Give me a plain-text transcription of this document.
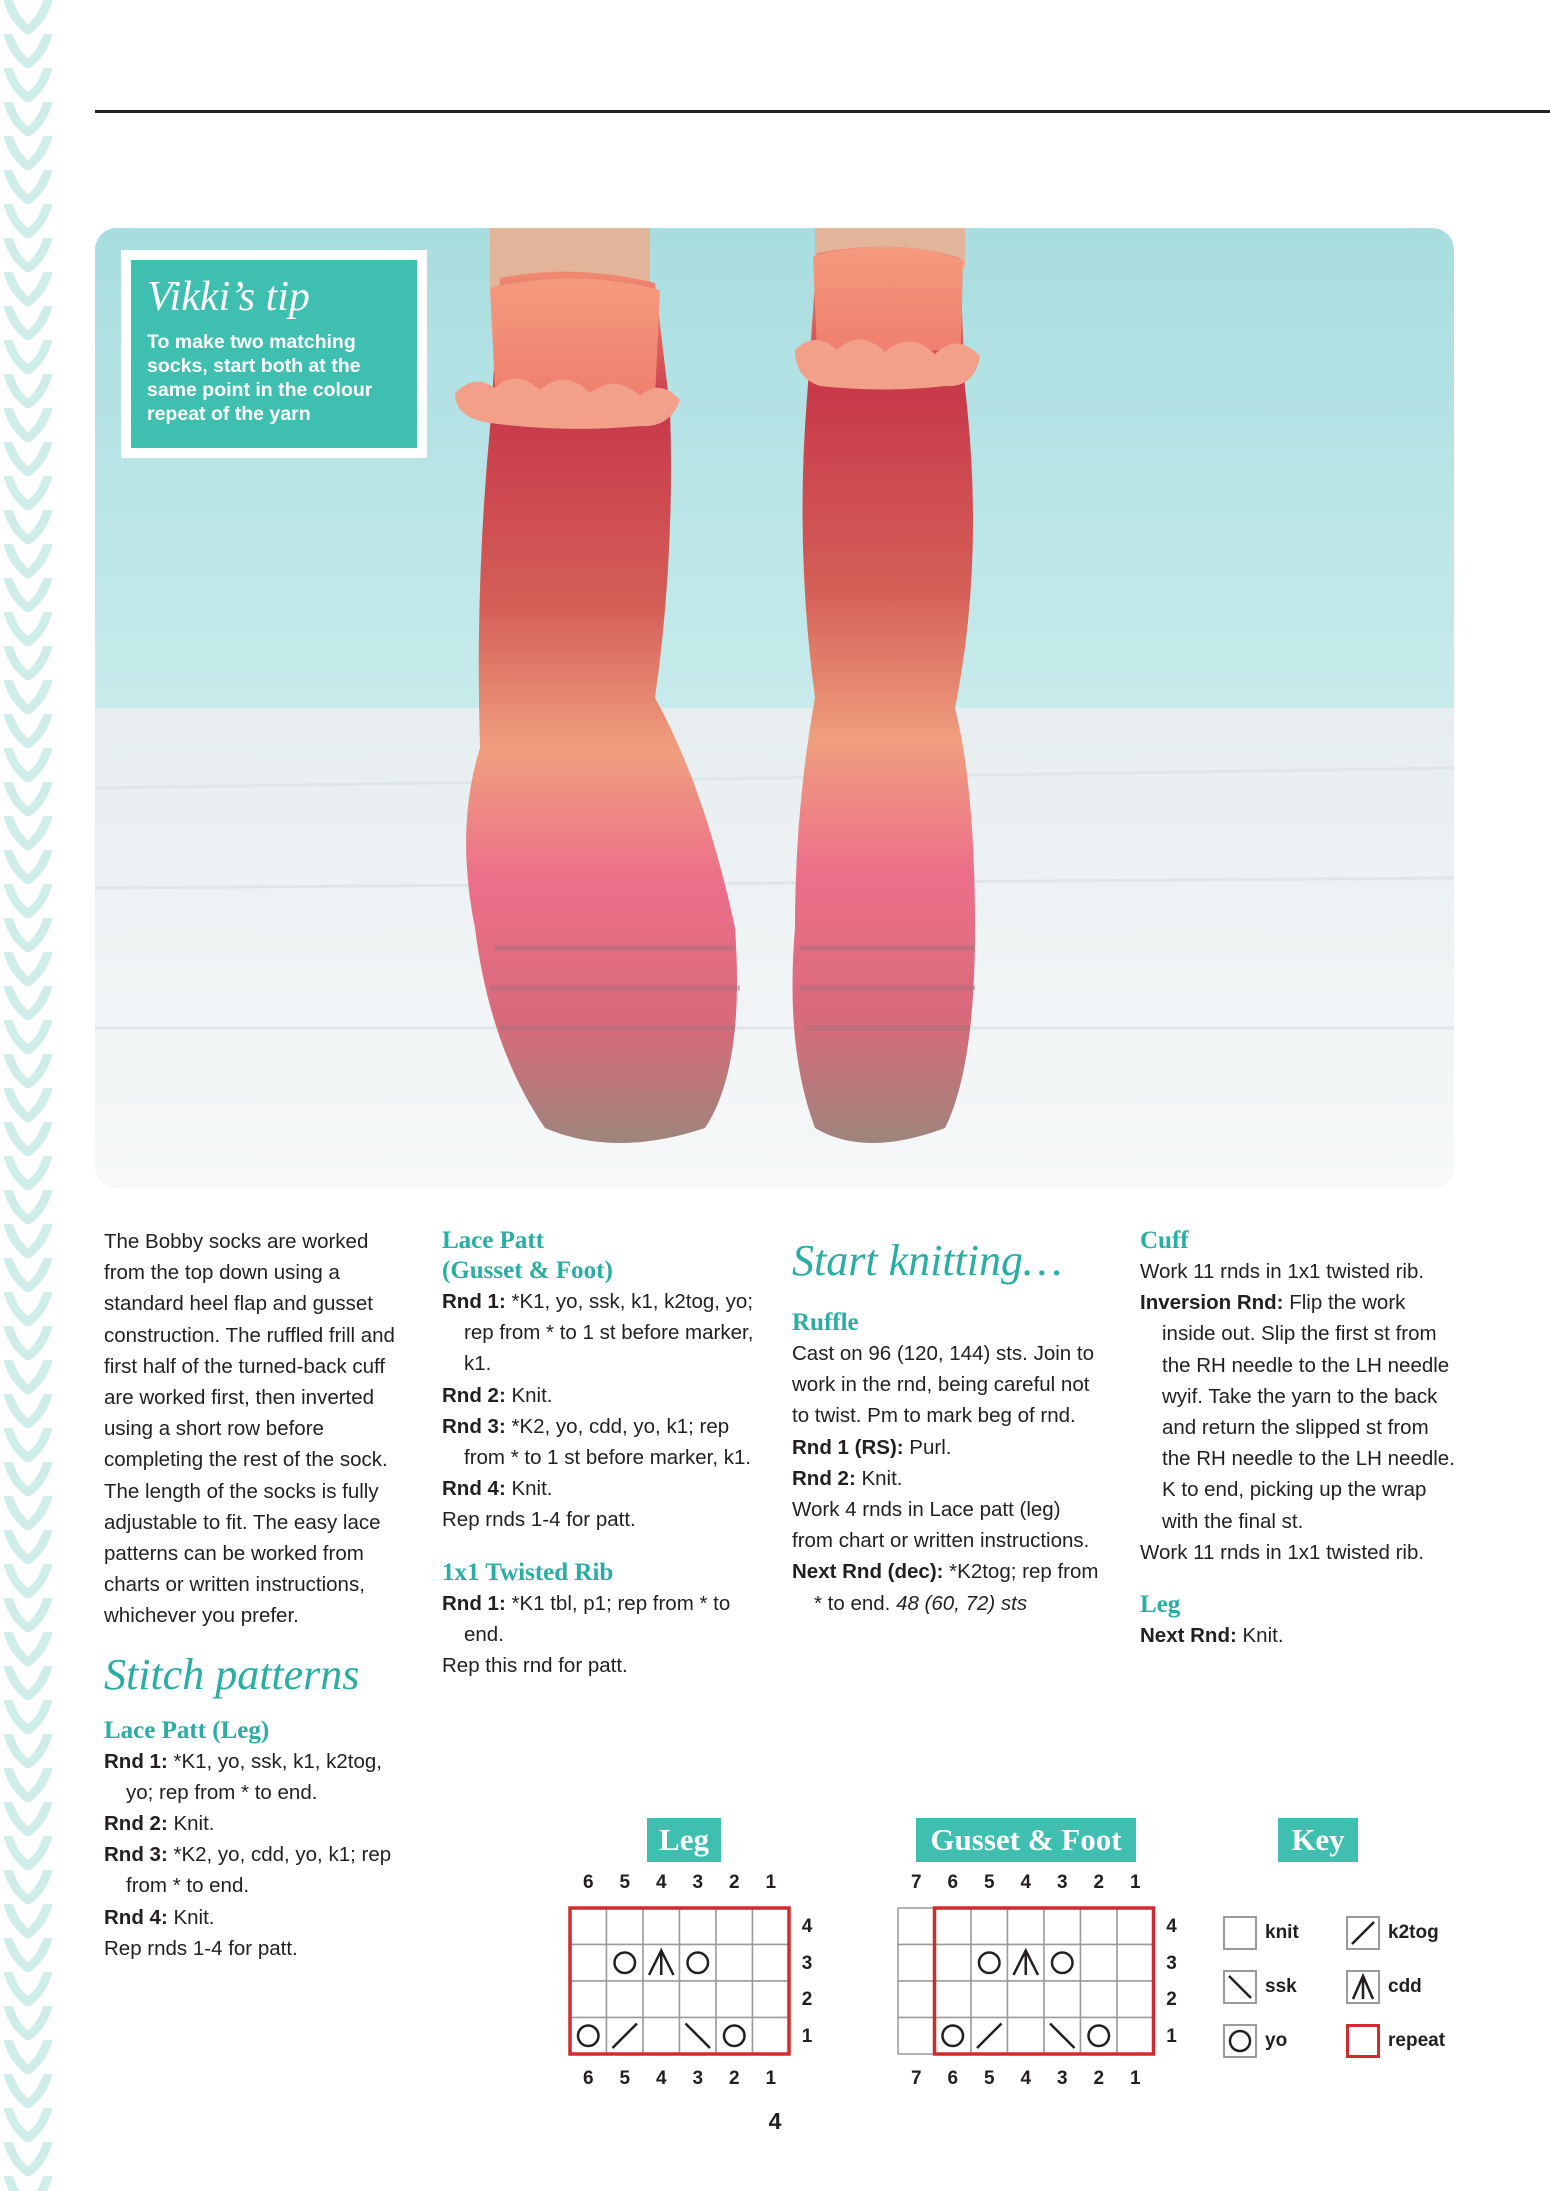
Vikki’s tip

To make two matching socks, start both at the same point in the colour repeat of the yarn

The Bobby socks are worked from the top down using a standard heel flap and gusset construction. The ruffled frill and first half of the turned-back cuff are worked first, then inverted using a short row before completing the rest of the sock. The length of the socks is fully adjustable to fit. The easy lace patterns can be worked from charts or written instructions, whichever you prefer.

Stitch patterns

Lace Patt (Leg)

Rnd 1: *K1, yo, ssk, k1, k2tog, yo; rep from * to end.

Rnd 2: Knit.

Rnd 3: *K2, yo, cdd, yo, k1; rep from * to end.

Rnd 4: Knit.

Rep rnds 1-4 for patt.

Lace Patt

(Gusset & Foot)

Rnd 1: *K1, yo, ssk, k1, k2tog, yo; rep from * to 1 st before marker, k1.

Rnd 2: Knit.

Rnd 3: *K2, yo, cdd, yo, k1; rep from * to 1 st before marker, k1.

Rnd 4: Knit.

Rep rnds 1-4 for patt.

1x1 Twisted Rib

Rnd 1: *K1 tbl, p1; rep from * to end.

Rep this rnd for patt.

Start knitting…

Ruffle

Cast on 96 (120, 144) sts. Join to work in the rnd, being careful not to twist. Pm to mark beg of rnd.

Rnd 1 (RS): Purl.

Rnd 2: Knit.

Work 4 rnds in Lace patt (leg) from chart or written instructions.

Next Rnd (dec): *K2tog; rep from * to end. 48 (60, 72) sts

Cuff

Work 11 rnds in 1x1 twisted rib.

Inversion Rnd: Flip the work inside out. Slip the first st from the RH needle to the LH needle wyif. Take the yarn to the back and return the slipped st from the RH needle to the LH needle. K to end, picking up the wrap with the final st.

Work 11 rnds in 1x1 twisted rib.

Leg

Next Rnd: Knit.

Leg	Gusset & Foot	Key
6
6
5
5
4
4
3
3
2
2
1
1
4
3
2
1
7
7
6
6
5
5
4
4
3
3
2
2
1
1
4
3
2
1
knit	k2tog
ssk	cdd
yo	repeat
4
